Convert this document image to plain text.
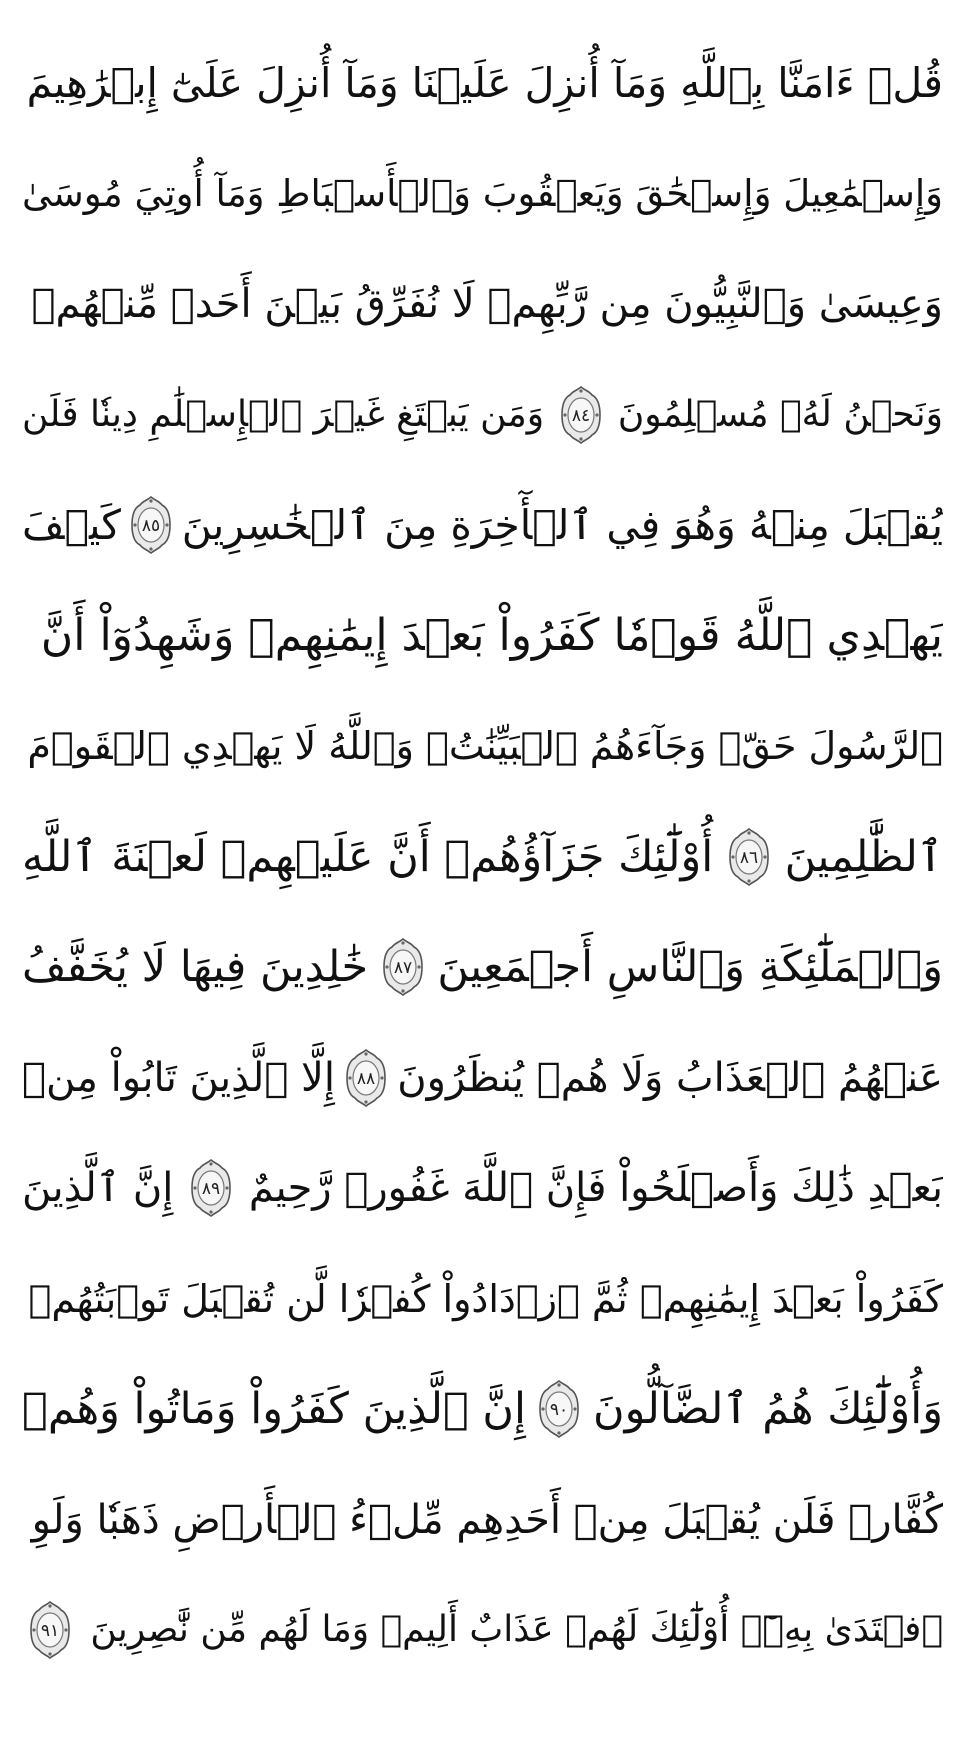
قُلۡ ءَامَنَّا بِٱللَّهِ وَمَآ أُنزِلَ عَلَيۡنَا وَمَآ أُنزِلَ عَلَىٰٓ إِبۡرَٰهِيمَ
وَإِسۡمَٰعِيلَ وَإِسۡحَٰقَ وَيَعۡقُوبَ وَٱلۡأَسۡبَاطِ وَمَآ أُوتِيَ مُوسَىٰ
وَعِيسَىٰ وَٱلنَّبِيُّونَ مِن رَّبِّهِمۡ لَا نُفَرِّقُ بَيۡنَ أَحَدٖ مِّنۡهُمۡ
وَنَحۡنُ لَهُۥ مُسۡلِمُونَ
٨٤
وَمَن يَبۡتَغِ غَيۡرَ ٱلۡإِسۡلَٰمِ دِينٗا فَلَن
يُقۡبَلَ مِنۡهُ وَهُوَ فِي ٱلۡأٓخِرَةِ مِنَ ٱلۡخَٰسِرِينَ
٨٥
كَيۡفَ
يَهۡدِي ٱللَّهُ قَوۡمٗا كَفَرُواْ بَعۡدَ إِيمَٰنِهِمۡ وَشَهِدُوٓاْ أَنَّ
ٱلرَّسُولَ حَقّٞ وَجَآءَهُمُ ٱلۡبَيِّنَٰتُۚ وَٱللَّهُ لَا يَهۡدِي ٱلۡقَوۡمَ
ٱلظَّٰلِمِينَ
٨٦
أُوْلَٰٓئِكَ جَزَآؤُهُمۡ أَنَّ عَلَيۡهِمۡ لَعۡنَةَ ٱللَّهِ
وَٱلۡمَلَٰٓئِكَةِ وَٱلنَّاسِ أَجۡمَعِينَ
٨٧
خَٰلِدِينَ فِيهَا لَا يُخَفَّفُ
عَنۡهُمُ ٱلۡعَذَابُ وَلَا هُمۡ يُنظَرُونَ
٨٨
إِلَّا ٱلَّذِينَ تَابُواْ مِنۢ
بَعۡدِ ذَٰلِكَ وَأَصۡلَحُواْ فَإِنَّ ٱللَّهَ غَفُورٞ رَّحِيمٌ
٨٩
إِنَّ ٱلَّذِينَ
كَفَرُواْ بَعۡدَ إِيمَٰنِهِمۡ ثُمَّ ٱزۡدَادُواْ كُفۡرٗا لَّن تُقۡبَلَ تَوۡبَتُهُمۡ
وَأُوْلَٰٓئِكَ هُمُ ٱلضَّآلُّونَ
٩٠
إِنَّ ٱلَّذِينَ كَفَرُواْ وَمَاتُواْ وَهُمۡ
كُفَّارٞ فَلَن يُقۡبَلَ مِنۡ أَحَدِهِم مِّلۡءُ ٱلۡأَرۡضِ ذَهَبٗا وَلَوِ
ٱفۡتَدَىٰ بِهِۦٓۗ أُوْلَٰٓئِكَ لَهُمۡ عَذَابٌ أَلِيمٞ وَمَا لَهُم مِّن نَّٰصِرِينَ
٩١
